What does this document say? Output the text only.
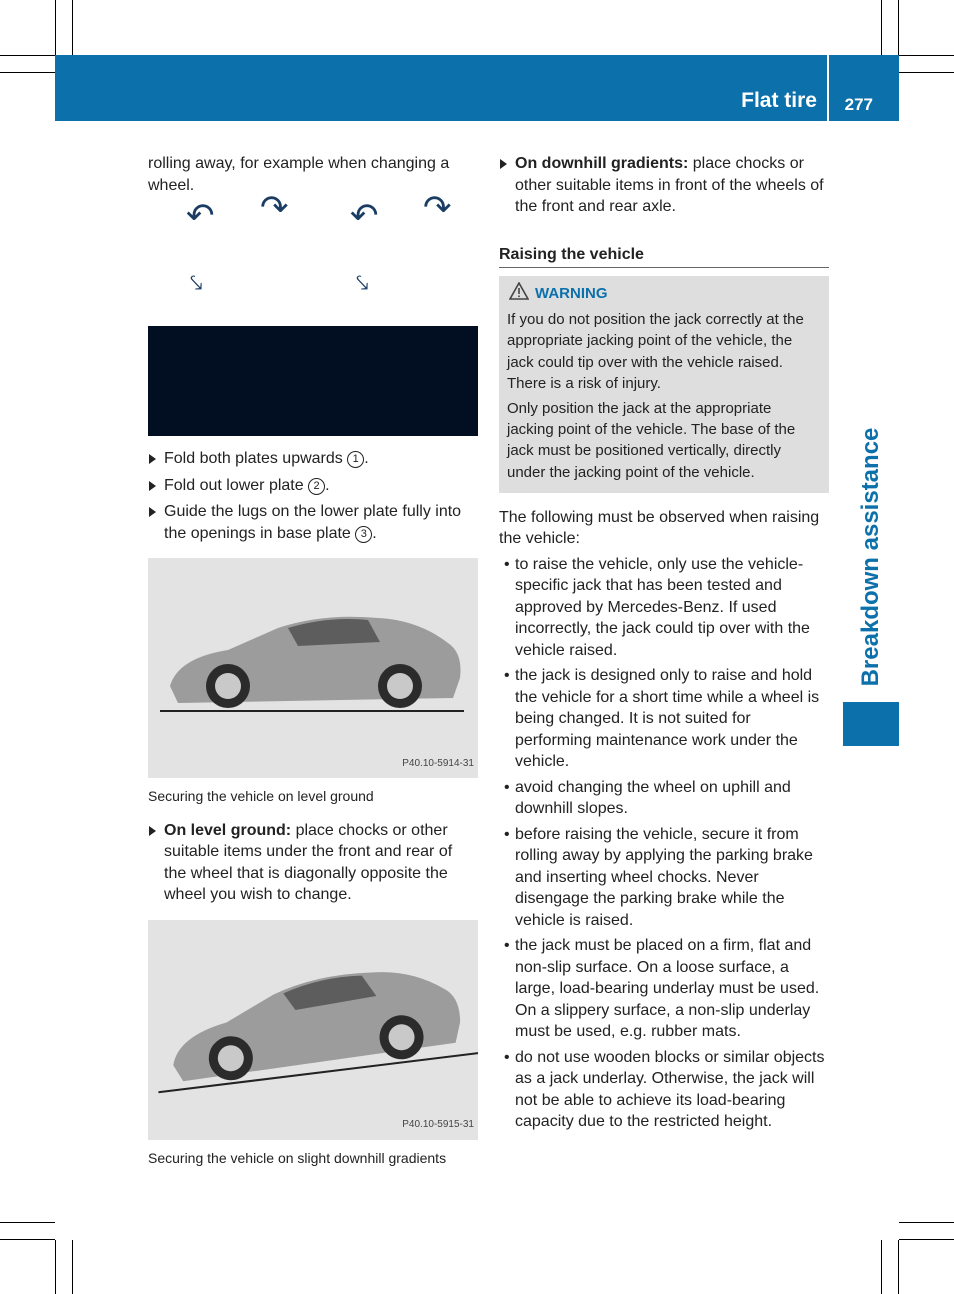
Flat tire 277
Breakdown assistance

rolling away, for example when changing a wheel.

↶ ↷ ↶ ↷
⤥	⤥
Fold both plates upwards 1 .
Fold out lower plate 2 .
Guide the lugs on the lower plate fully into the openings in base plate 3 .
P40.10-5914-31
Securing the vehicle on level ground
On level ground: place chocks or other suitable items under the front and rear of the wheel that is diagonally opposite the wheel you wish to change.
P40.10-5915-31
Securing the vehicle on slight downhill gradients
On downhill gradients: place chocks or other suitable items in front of the wheels of the front and rear axle.
Raising the vehicle
WARNING

If you do not position the jack correctly at the appropriate jacking point of the vehicle, the jack could tip over with the vehicle raised. There is a risk of injury.

Only position the jack at the appropriate jacking point of the vehicle. The base of the jack must be positioned vertically, directly under the jacking point of the vehicle.

The following must be observed when raising the vehicle:

• to raise the vehicle, only use the vehicle-specific jack that has been tested and approved by Mercedes-Benz. If used incorrectly, the jack could tip over with the vehicle raised.
• the jack is designed only to raise and hold the vehicle for a short time while a wheel is being changed. It is not suited for performing maintenance work under the vehicle.
• avoid changing the wheel on uphill and downhill slopes.
• before raising the vehicle, secure it from rolling away by applying the parking brake and inserting wheel chocks. Never disengage the parking brake while the vehicle is raised.
• the jack must be placed on a firm, flat and non-slip surface. On a loose surface, a large, load-bearing underlay must be used. On a slippery surface, a non-slip underlay must be used, e.g. rubber mats.
• do not use wooden blocks or similar objects as a jack underlay. Otherwise, the jack will not be able to achieve its load-bearing capacity due to the restricted height.
